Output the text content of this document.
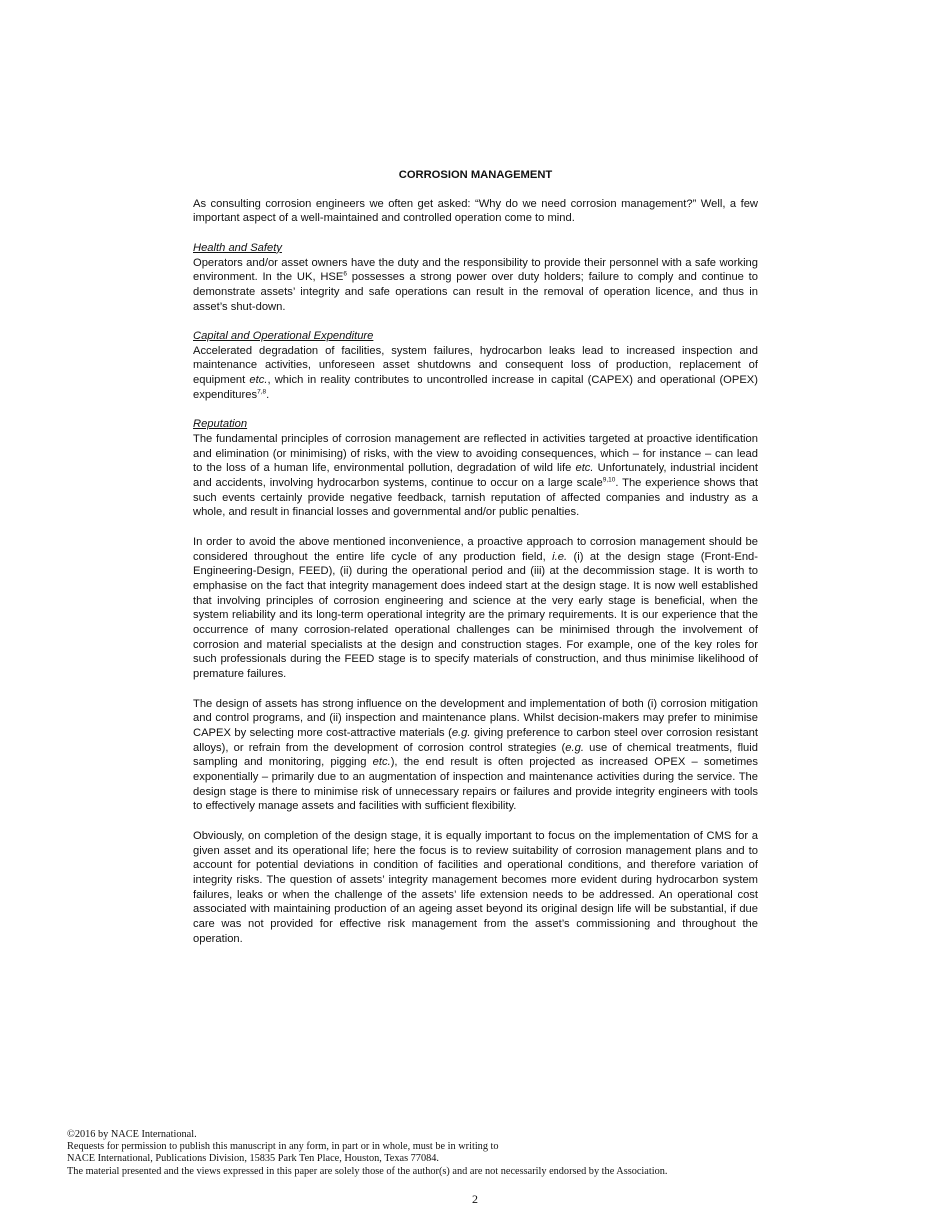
CORROSION MANAGEMENT

As consulting corrosion engineers we often get asked: “Why do we need corrosion management?” Well, a few important aspect of a well-maintained and controlled operation come to mind.

Health and Safety
Operators and/or asset owners have the duty and the responsibility to provide their personnel with a safe working environment. In the UK, HSE$^6$ possesses a strong power over duty holders; failure to comply and continue to demonstrate assets’ integrity and safe operations can result in the removal of operation licence, and thus in asset’s shut-down.
Capital and Operational Expenditure
Accelerated degradation of facilities, system failures, hydrocarbon leaks lead to increased inspection and maintenance activities, unforeseen asset shutdowns and consequent loss of production, replacement of equipment etc., which in reality contributes to uncontrolled increase in capital (CAPEX) and operational (OPEX) expenditures$^{7,8}$.
Reputation
The fundamental principles of corrosion management are reflected in activities targeted at proactive identification and elimination (or minimising) of risks, with the view to avoiding consequences, which – for instance – can lead to the loss of a human life, environmental pollution, degradation of wild life etc. Unfortunately, industrial incident and accidents, involving hydrocarbon systems, continue to occur on a large scale$^{9,10}$. The experience shows that such events certainly provide negative feedback, tarnish reputation of affected companies and industry as a whole, and result in financial losses and governmental and/or public penalties.

In order to avoid the above mentioned inconvenience, a proactive approach to corrosion management should be considered throughout the entire life cycle of any production field, i.e. (i) at the design stage (Front-End-Engineering-Design, FEED), (ii) during the operational period and (iii) at the decommission stage. It is worth to emphasise on the fact that integrity management does indeed start at the design stage. It is now well established that involving principles of corrosion engineering and science at the very early stage is beneficial, when the system reliability and its long-term operational integrity are the primary requirements. It is our experience that the occurrence of many corrosion-related operational challenges can be minimised through the involvement of corrosion and material specialists at the design and construction stages. For example, one of the key roles for such professionals during the FEED stage is to specify materials of construction, and thus minimise likelihood of premature failures.

The design of assets has strong influence on the development and implementation of both (i) corrosion mitigation and control programs, and (ii) inspection and maintenance plans. Whilst decision-makers may prefer to minimise CAPEX by selecting more cost-attractive materials (e.g. giving preference to carbon steel over corrosion resistant alloys), or refrain from the development of corrosion control strategies (e.g. use of chemical treatments, fluid sampling and monitoring, pigging etc.), the end result is often projected as increased OPEX – sometimes exponentially – primarily due to an augmentation of inspection and maintenance activities during the service. The design stage is there to minimise risk of unnecessary repairs or failures and provide integrity engineers with tools to effectively manage assets and facilities with sufficient flexibility.

Obviously, on completion of the design stage, it is equally important to focus on the implementation of CMS for a given asset and its operational life; here the focus is to review suitability of corrosion management plans and to account for potential deviations in condition of facilities and operational conditions, and therefore variation of integrity risks. The question of assets’ integrity management becomes more evident during hydrocarbon system failures, leaks or when the challenge of the assets’ life extension needs to be addressed. An operational cost associated with maintaining production of an ageing asset beyond its original design life will be substantial, if due care was not provided for effective risk management from the asset’s commissioning and throughout the operation.

©2016 by NACE International.
Requests for permission to publish this manuscript in any form, in part or in whole, must be in writing to
NACE International, Publications Division, 15835 Park Ten Place, Houston, Texas 77084.
The material presented and the views expressed in this paper are solely those of the author(s) and are not necessarily endorsed by the Association.
2
